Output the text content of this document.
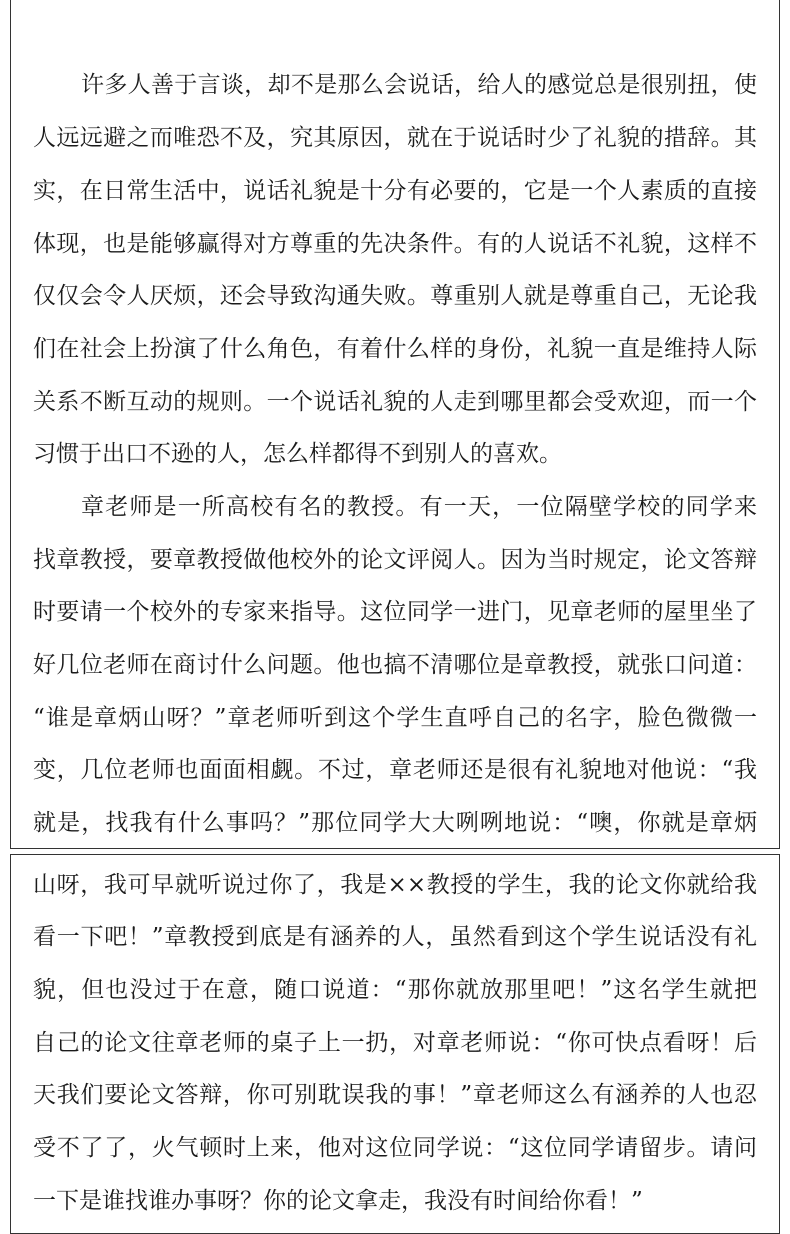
许多人善于言谈，却不是那么会说话，给人的感觉总是很别扭，使
人远远避之而唯恐不及，究其原因，就在于说话时少了礼貌的措辞。其
实，在日常生活中，说话礼貌是十分有必要的，它是一个人素质的直接
体现，也是能够赢得对方尊重的先决条件。有的人说话不礼貌，这样不
仅仅会令人厌烦，还会导致沟通失败。尊重别人就是尊重自己，无论我
们在社会上扮演了什么角色，有着什么样的身份，礼貌一直是维持人际
关系不断互动的规则。一个说话礼貌的人走到哪里都会受欢迎，而一个
习惯于出口不逊的人，怎么样都得不到别人的喜欢。
章老师是一所高校有名的教授。有一天，一位隔壁学校的同学来
找章教授，要章教授做他校外的论文评阅人。因为当时规定，论文答辩
时要请一个校外的专家来指导。这位同学一进门，见章老师的屋里坐了
好几位老师在商讨什么问题。他也搞不清哪位是章教授，就张口问道：
“谁是章炳山呀？”章老师听到这个学生直呼自己的名字，脸色微微一
变，几位老师也面面相觑。不过，章老师还是很有礼貌地对他说：“我
就是，找我有什么事吗？”那位同学大大咧咧地说：“噢，你就是章炳
山呀，我可早就听说过你了，我是××教授的学生，我的论文你就给我
看一下吧！”章教授到底是有涵养的人，虽然看到这个学生说话没有礼
貌，但也没过于在意，随口说道：“那你就放那里吧！”这名学生就把
自己的论文往章老师的桌子上一扔，对章老师说：“你可快点看呀！后
天我们要论文答辩，你可别耽误我的事！”章老师这么有涵养的人也忍
受不了了，火气顿时上来，他对这位同学说：“这位同学请留步。请问
一下是谁找谁办事呀？你的论文拿走，我没有时间给你看！”
